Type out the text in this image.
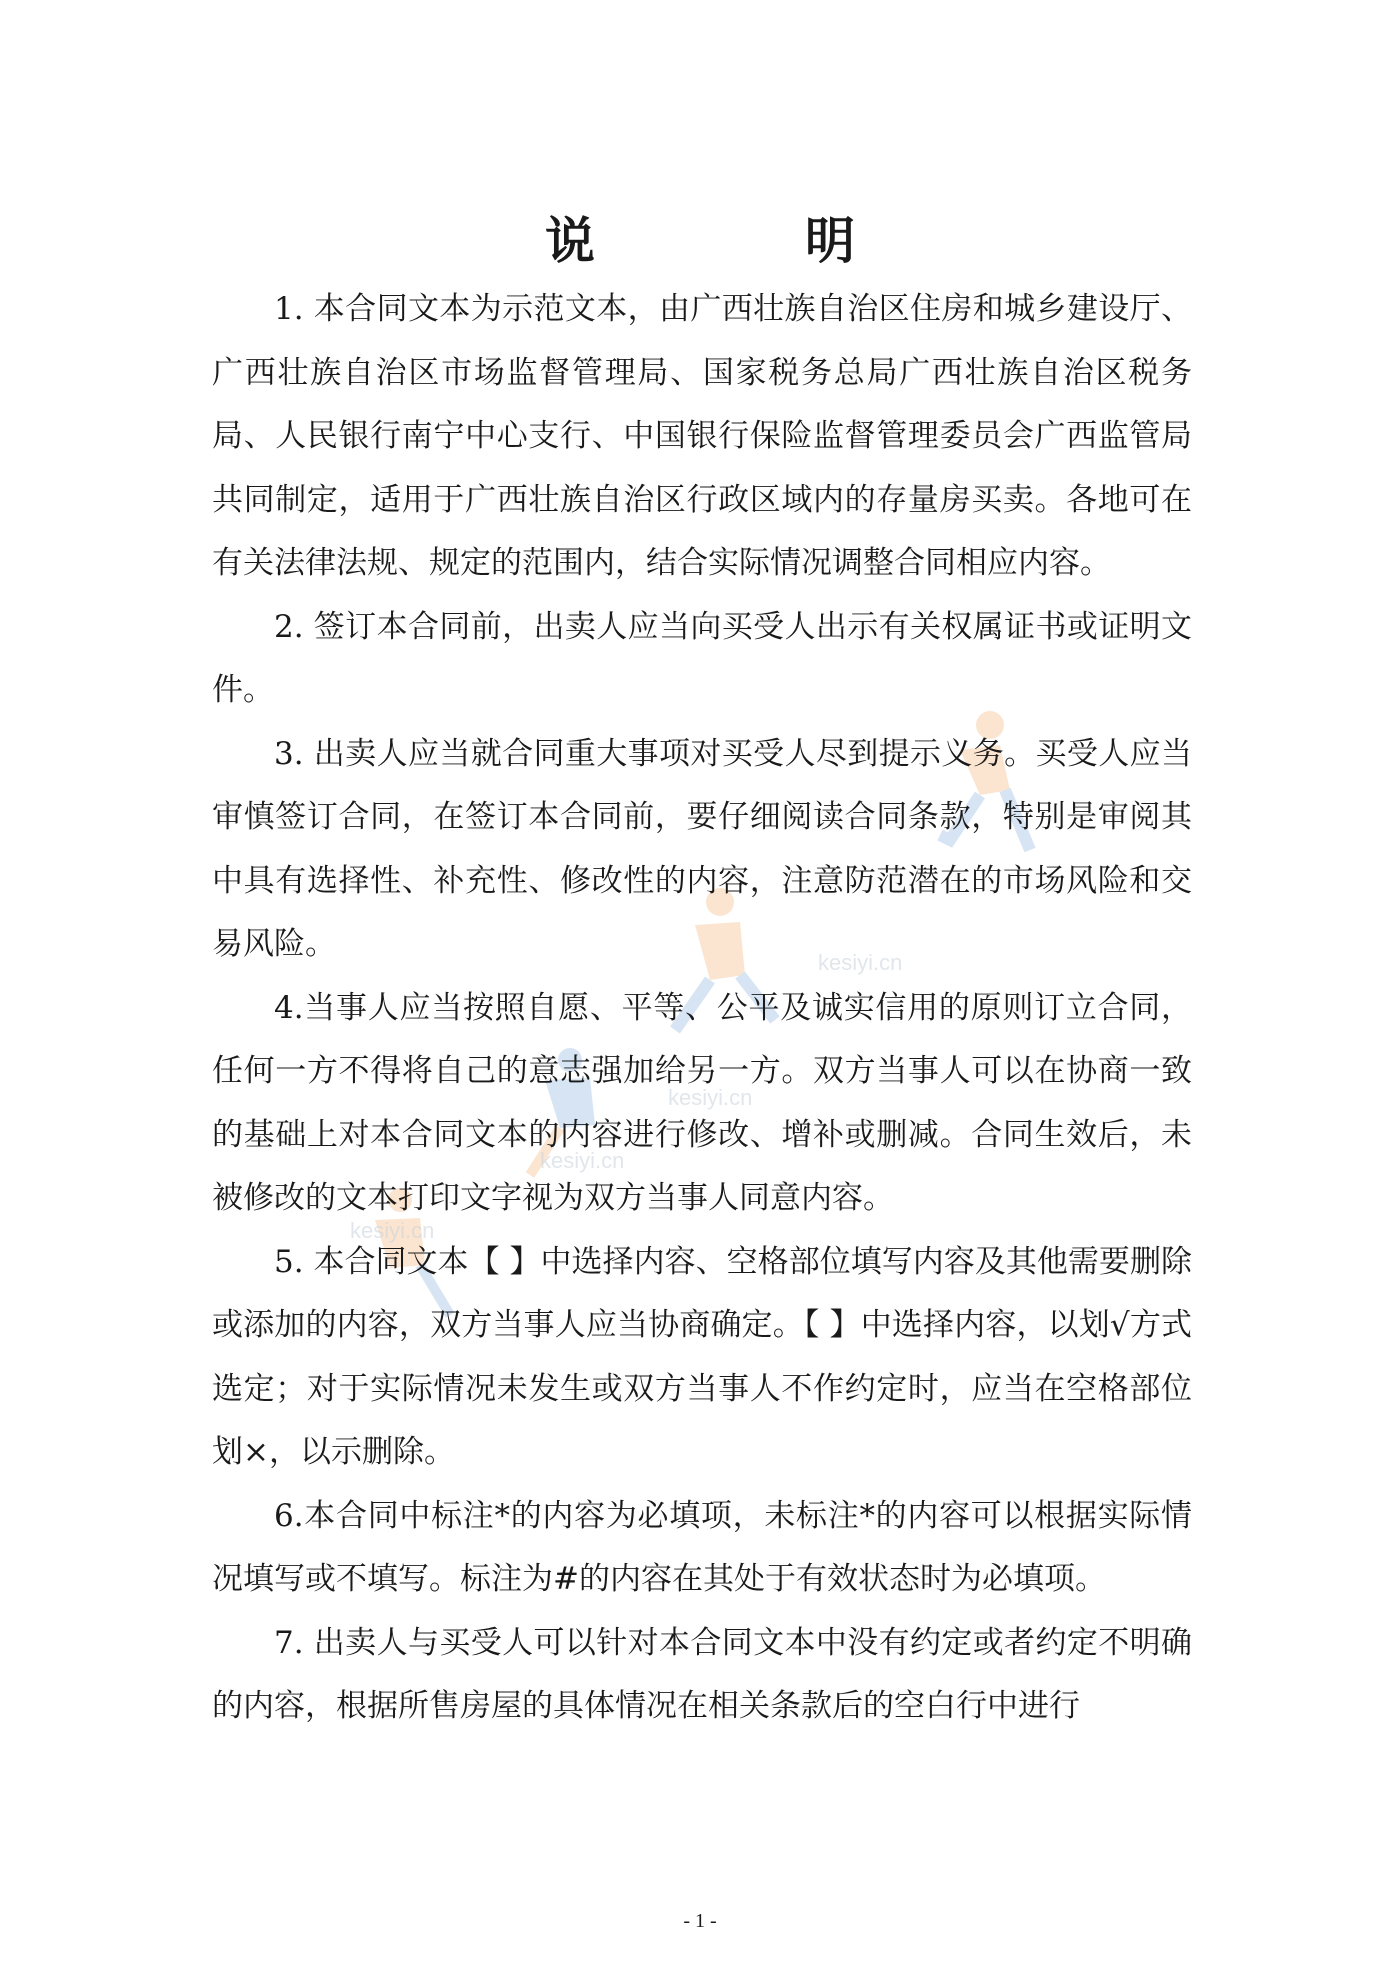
kesiyi.cn
kesiyi.cn
kesiyi.cn
kesiyi.cn
说　明

1. 本合同文本为示范文本，由广西壮族自治区住房和城乡建设厅、广西壮族自治区市场监督管理局、国家税务总局广西壮族自治区税务局、人民银行南宁中心支行、中国银行保险监督管理委员会广西监管局共同制定，适用于广西壮族自治区行政区域内的存量房买卖。各地可在有关法律法规、规定的范围内，结合实际情况调整合同相应内容。

2. 签订本合同前，出卖人应当向买受人出示有关权属证书或证明文件。

3. 出卖人应当就合同重大事项对买受人尽到提示义务。买受人应当审慎签订合同，在签订本合同前，要仔细阅读合同条款，特别是审阅其中具有选择性、补充性、修改性的内容，注意防范潜在的市场风险和交易风险。

4.当事人应当按照自愿、平等、公平及诚实信用的原则订立合同，任何一方不得将自己的意志强加给另一方。双方当事人可以在协商一致的基础上对本合同文本的内容进行修改、增补或删减。合同生效后，未被修改的文本打印文字视为双方当事人同意内容。

5. 本合同文本【 】中选择内容、空格部位填写内容及其他需要删除或添加的内容，双方当事人应当协商确定。【 】中选择内容，以划√方式选定；对于实际情况未发生或双方当事人不作约定时，应当在空格部位划×，以示删除。

6.本合同中标注*的内容为必填项，未标注*的内容可以根据实际情况填写或不填写。标注为#的内容在其处于有效状态时为必填项。

7. 出卖人与买受人可以针对本合同文本中没有约定或者约定不明确的内容，根据所售房屋的具体情况在相关条款后的空白行中进行

- 1 -
